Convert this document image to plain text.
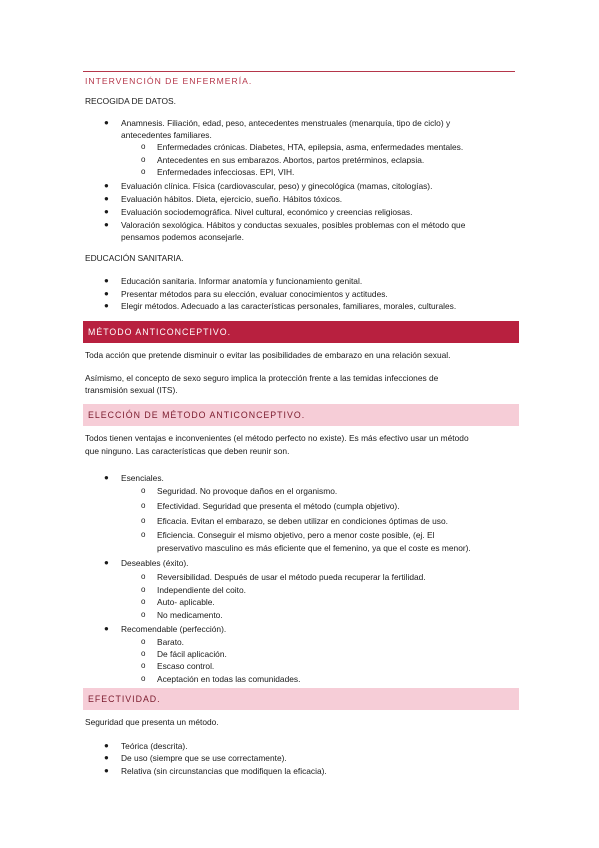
INTERVENCIÓN DE ENFERMERÍA.
RECOGIDA DE DATOS.
● Anamnesis. Filiación, edad, peso, antecedentes menstruales (menarquía, tipo de ciclo) y
antecedentes familiares.
o Enfermedades crónicas. Diabetes, HTA, epilepsia, asma, enfermedades mentales.
o Antecedentes en sus embarazos. Abortos, partos pretérminos, eclapsia.
o Enfermedades infecciosas. EPI, VIH.
● Evaluación clínica. Física (cardiovascular, peso) y ginecológica (mamas, citologías).
● Evaluación hábitos. Dieta, ejercicio, sueño. Hábitos tóxicos.
● Evaluación sociodemográfica. Nivel cultural, económico y creencias religiosas.
● Valoración sexológica. Hábitos y conductas sexuales, posibles problemas con el método que
pensamos podemos aconsejarle.
EDUCACIÓN SANITARIA.
● Educación sanitaria. Informar anatomía y funcionamiento genital.
● Presentar métodos para su elección, evaluar conocimientos y actitudes.
● Elegir métodos. Adecuado a las características personales, familiares, morales, culturales.
MÉTODO ANTICONCEPTIVO.
Toda acción que pretende disminuir o evitar las posibilidades de embarazo en una relación sexual.
Asímismo, el concepto de sexo seguro implica la protección frente a las temidas infecciones de
transmisión sexual (ITS).
ELECCIÓN DE MÉTODO ANTICONCEPTIVO.
Todos tienen ventajas e inconvenientes (el método perfecto no existe). Es más efectivo usar un método
que ninguno. Las características que deben reunir son.
● Esenciales.
o Seguridad. No provoque daños en el organismo.
o Efectividad. Seguridad que presenta el método (cumpla objetivo).
o Eficacia. Evitan el embarazo, se deben utilizar en condiciones óptimas de uso.
o Eficiencia. Conseguir el mismo objetivo, pero a menor coste posible, (ej. El
preservativo masculino es más eficiente que el femenino, ya que el coste es menor).
● Deseables (éxito).
o Reversibilidad. Después de usar el método pueda recuperar la fertilidad.
o Independiente del coito.
o Auto- aplicable.
o No medicamento.
● Recomendable (perfección).
o Barato.
o De fácil aplicación.
o Escaso control.
o Aceptación en todas las comunidades.
EFECTIVIDAD.
Seguridad que presenta un método.
● Teórica (descrita).
● De uso (siempre que se use correctamente).
● Relativa (sin circunstancias que modifiquen la eficacia).
